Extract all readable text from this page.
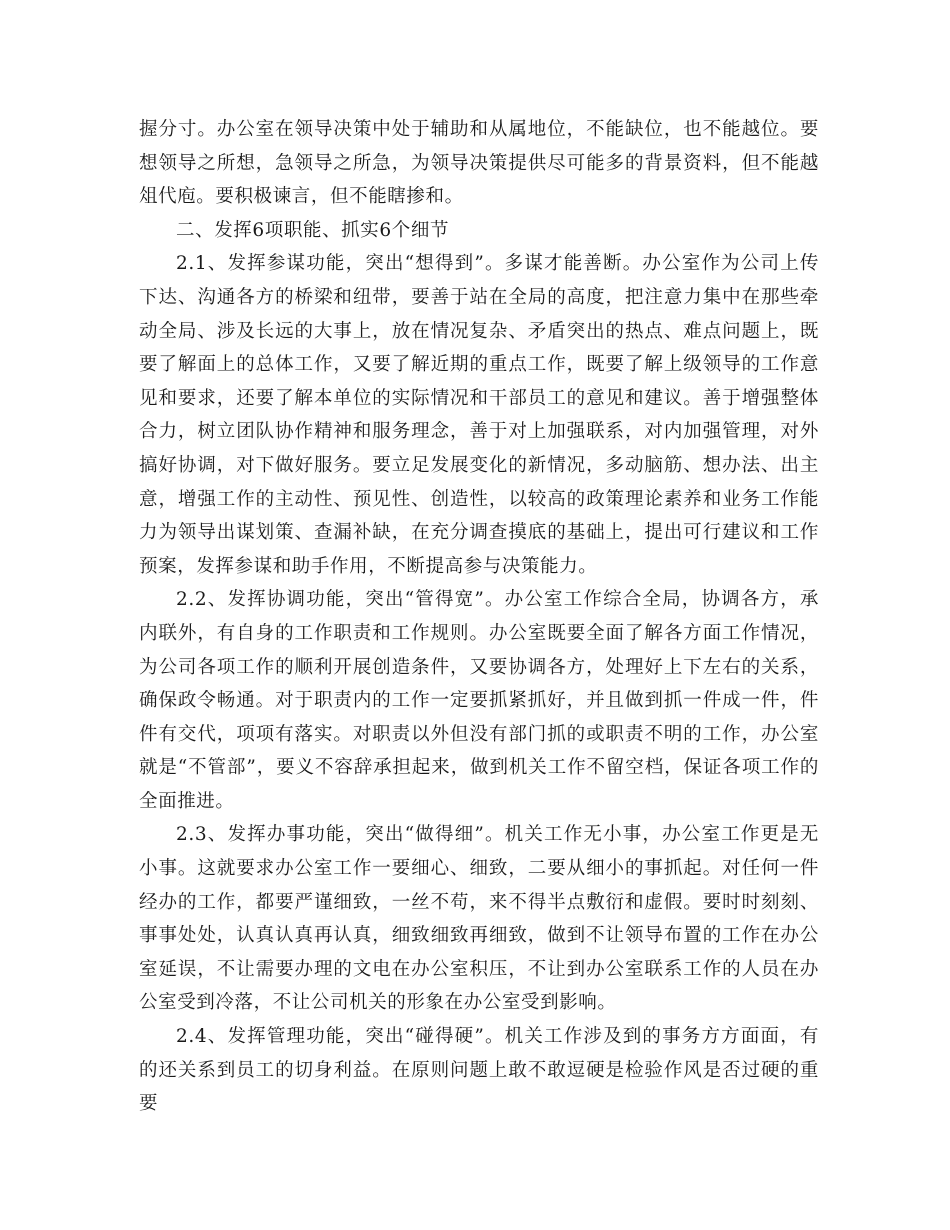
握分寸。办公室在领导决策中处于辅助和从属地位，不能缺位，也不能越位。要想领导之所想，急领导之所急，为领导决策提供尽可能多的背景资料，但不能越俎代庖。要积极谏言，但不能瞎掺和。

二、发挥6项职能、抓实6个细节

2.1、发挥参谋功能，突出“想得到”。多谋才能善断。办公室作为公司上传下达、沟通各方的桥梁和纽带，要善于站在全局的高度，把注意力集中在那些牵动全局、涉及长远的大事上，放在情况复杂、矛盾突出的热点、难点问题上，既要了解面上的总体工作，又要了解近期的重点工作，既要了解上级领导的工作意见和要求，还要了解本单位的实际情况和干部员工的意见和建议。善于增强整体合力，树立团队协作精神和服务理念，善于对上加强联系，对内加强管理，对外搞好协调，对下做好服务。要立足发展变化的新情况，多动脑筋、想办法、出主意，增强工作的主动性、预见性、创造性，以较高的政策理论素养和业务工作能力为领导出谋划策、查漏补缺，在充分调查摸底的基础上，提出可行建议和工作预案，发挥参谋和助手作用，不断提高参与决策能力。

2.2、发挥协调功能，突出“管得宽”。办公室工作综合全局，协调各方，承内联外，有自身的工作职责和工作规则。办公室既要全面了解各方面工作情况，为公司各项工作的顺利开展创造条件，又要协调各方，处理好上下左右的关系，确保政令畅通。对于职责内的工作一定要抓紧抓好，并且做到抓一件成一件，件件有交代，项项有落实。对职责以外但没有部门抓的或职责不明的工作，办公室就是“不管部”，要义不容辞承担起来，做到机关工作不留空档，保证各项工作的全面推进。

2.3、发挥办事功能，突出“做得细”。机关工作无小事，办公室工作更是无小事。这就要求办公室工作一要细心、细致，二要从细小的事抓起。对任何一件经办的工作，都要严谨细致，一丝不苟，来不得半点敷衍和虚假。要时时刻刻、事事处处，认真认真再认真，细致细致再细致，做到不让领导布置的工作在办公室延误，不让需要办理的文电在办公室积压，不让到办公室联系工作的人员在办公室受到冷落，不让公司机关的形象在办公室受到影响。

2.4、发挥管理功能，突出“碰得硬”。机关工作涉及到的事务方方面面，有的还关系到员工的切身利益。在原则问题上敢不敢逗硬是检验作风是否过硬的重要
